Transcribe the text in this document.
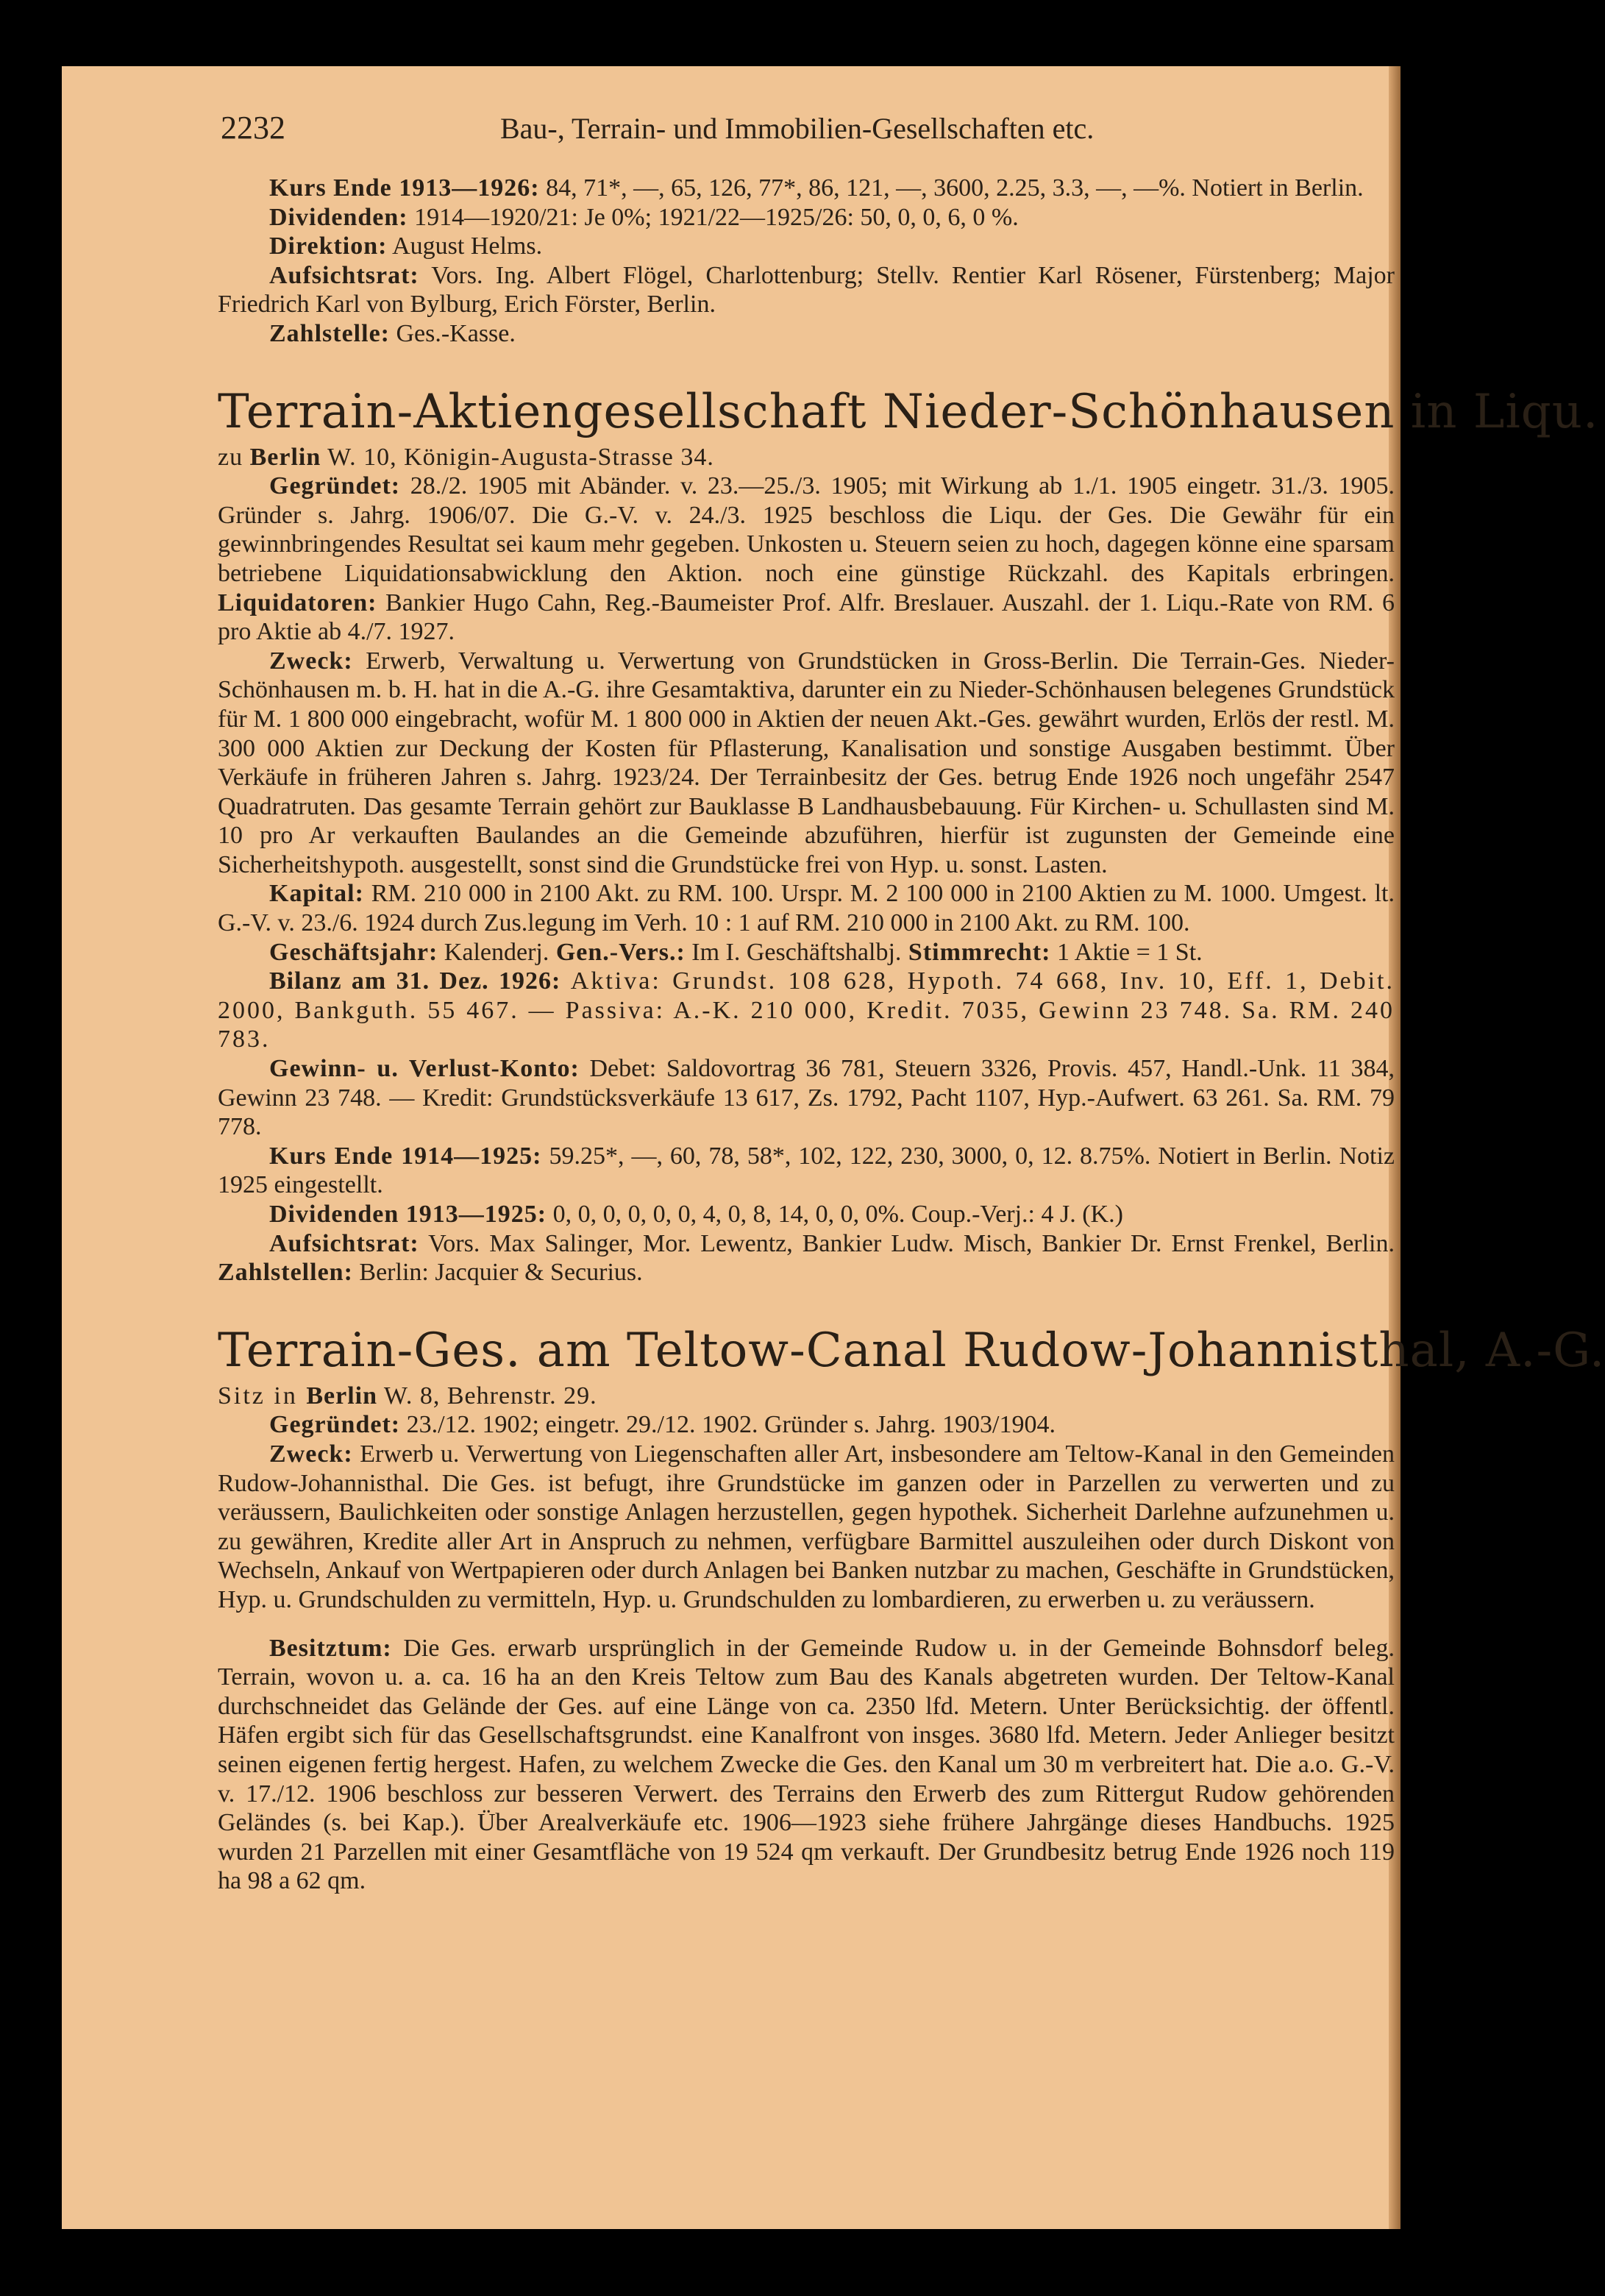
2232	Bau-, Terrain- und Immobilien-Gesellschaften etc.

Kurs Ende 1913—1926: 84, 71*, —, 65, 126, 77*, 86, 121, —, 3600, 2.25, 3.3, —, —%. Notiert in Berlin.

Dividenden: 1914—1920/21: Je 0%; 1921/22—1925/26: 50, 0, 0, 6, 0 %.

Direktion: August Helms.

Aufsichtsrat: Vors. Ing. Albert Flögel, Charlottenburg; Stellv. Rentier Karl Rösener, Fürstenberg; Major Friedrich Karl von Bylburg, Erich Förster, Berlin.

Zahlstelle: Ges.-Kasse.

Terrain-Aktiengesellschaft Nieder-Schönhausen in Liqu.

zu Berlin W. 10, Königin-Augusta-Strasse 34.

Gegründet: 28./2. 1905 mit Abänder. v. 23.—25./3. 1905; mit Wirkung ab 1./1. 1905 eingetr. 31./3. 1905. Gründer s. Jahrg. 1906/07. Die G.-V. v. 24./3. 1925 beschloss die Liqu. der Ges. Die Gewähr für ein gewinnbringendes Resultat sei kaum mehr gegeben. Unkosten u. Steuern seien zu hoch, dagegen könne eine sparsam betriebene Liquidationsabwicklung den Aktion. noch eine günstige Rückzahl. des Kapitals erbringen. Liquidatoren: Bankier Hugo Cahn, Reg.-Baumeister Prof. Alfr. Breslauer. Auszahl. der 1. Liqu.-Rate von RM. 6 pro Aktie ab 4./7. 1927.

Zweck: Erwerb, Verwaltung u. Verwertung von Grundstücken in Gross-Berlin. Die Terrain-Ges. Nieder-Schönhausen m. b. H. hat in die A.-G. ihre Gesamtaktiva, darunter ein zu Nieder-Schönhausen belegenes Grundstück für M. 1 800 000 eingebracht, wofür M. 1 800 000 in Aktien der neuen Akt.-Ges. gewährt wurden, Erlös der restl. M. 300 000 Aktien zur Deckung der Kosten für Pflasterung, Kanalisation und sonstige Ausgaben bestimmt. Über Verkäufe in früheren Jahren s. Jahrg. 1923/24. Der Terrainbesitz der Ges. betrug Ende 1926 noch ungefähr 2547 Quadratruten. Das gesamte Terrain gehört zur Bauklasse B Landhausbebauung. Für Kirchen- u. Schullasten sind M. 10 pro Ar verkauften Baulandes an die Gemeinde abzuführen, hierfür ist zugunsten der Gemeinde eine Sicherheitshypoth. ausgestellt, sonst sind die Grundstücke frei von Hyp. u. sonst. Lasten.

Kapital: RM. 210 000 in 2100 Akt. zu RM. 100. Urspr. M. 2 100 000 in 2100 Aktien zu M. 1000. Umgest. lt. G.-V. v. 23./6. 1924 durch Zus.legung im Verh. 10 : 1 auf RM. 210 000 in 2100 Akt. zu RM. 100.

Geschäftsjahr: Kalenderj. Gen.-Vers.: Im I. Geschäftshalbj. Stimmrecht: 1 Aktie = 1 St.

Bilanz am 31. Dez. 1926: Aktiva: Grundst. 108 628, Hypoth. 74 668, Inv. 10, Eff. 1, Debit. 2000, Bankguth. 55 467. — Passiva: A.-K. 210 000, Kredit. 7035, Gewinn 23 748. Sa. RM. 240 783.

Gewinn- u. Verlust-Konto: Debet: Saldovortrag 36 781, Steuern 3326, Provis. 457, Handl.-Unk. 11 384, Gewinn 23 748. — Kredit: Grundstücksverkäufe 13 617, Zs. 1792, Pacht 1107, Hyp.-Aufwert. 63 261. Sa. RM. 79 778.

Kurs Ende 1914—1925: 59.25*, —, 60, 78, 58*, 102, 122, 230, 3000, 0, 12. 8.75%. Notiert in Berlin. Notiz 1925 eingestellt.

Dividenden 1913—1925: 0, 0, 0, 0, 0, 0, 4, 0, 8, 14, 0, 0, 0%. Coup.-Verj.: 4 J. (K.)

Aufsichtsrat: Vors. Max Salinger, Mor. Lewentz, Bankier Ludw. Misch, Bankier Dr. Ernst Frenkel, Berlin. Zahlstellen: Berlin: Jacquier & Securius.

Terrain-Ges. am Teltow-Canal Rudow-Johannisthal, A.-G.

Sitz in Berlin W. 8, Behrenstr. 29.

Gegründet: 23./12. 1902; eingetr. 29./12. 1902. Gründer s. Jahrg. 1903/1904.

Zweck: Erwerb u. Verwertung von Liegenschaften aller Art, insbesondere am Teltow-Kanal in den Gemeinden Rudow-Johannisthal. Die Ges. ist befugt, ihre Grundstücke im ganzen oder in Parzellen zu verwerten und zu veräussern, Baulichkeiten oder sonstige Anlagen herzustellen, gegen hypothek. Sicherheit Darlehne aufzunehmen u. zu gewähren, Kredite aller Art in Anspruch zu nehmen, verfügbare Barmittel auszuleihen oder durch Diskont von Wechseln, Ankauf von Wertpapieren oder durch Anlagen bei Banken nutzbar zu machen, Geschäfte in Grundstücken, Hyp. u. Grundschulden zu vermitteln, Hyp. u. Grundschulden zu lombardieren, zu erwerben u. zu veräussern.

Besitztum: Die Ges. erwarb ursprünglich in der Gemeinde Rudow u. in der Gemeinde Bohnsdorf beleg. Terrain, wovon u. a. ca. 16 ha an den Kreis Teltow zum Bau des Kanals abgetreten wurden. Der Teltow-Kanal durchschneidet das Gelände der Ges. auf eine Länge von ca. 2350 lfd. Metern. Unter Berücksichtig. der öffentl. Häfen ergibt sich für das Gesellschaftsgrundst. eine Kanalfront von insges. 3680 lfd. Metern. Jeder Anlieger besitzt seinen eigenen fertig hergest. Hafen, zu welchem Zwecke die Ges. den Kanal um 30 m verbreitert hat. Die a.o. G.-V. v. 17./12. 1906 beschloss zur besseren Verwert. des Terrains den Erwerb des zum Rittergut Rudow gehörenden Geländes (s. bei Kap.). Über Arealverkäufe etc. 1906—1923 siehe frühere Jahrgänge dieses Handbuchs. 1925 wurden 21 Parzellen mit einer Gesamtfläche von 19 524 qm verkauft. Der Grundbesitz betrug Ende 1926 noch 119 ha 98 a 62 qm.
